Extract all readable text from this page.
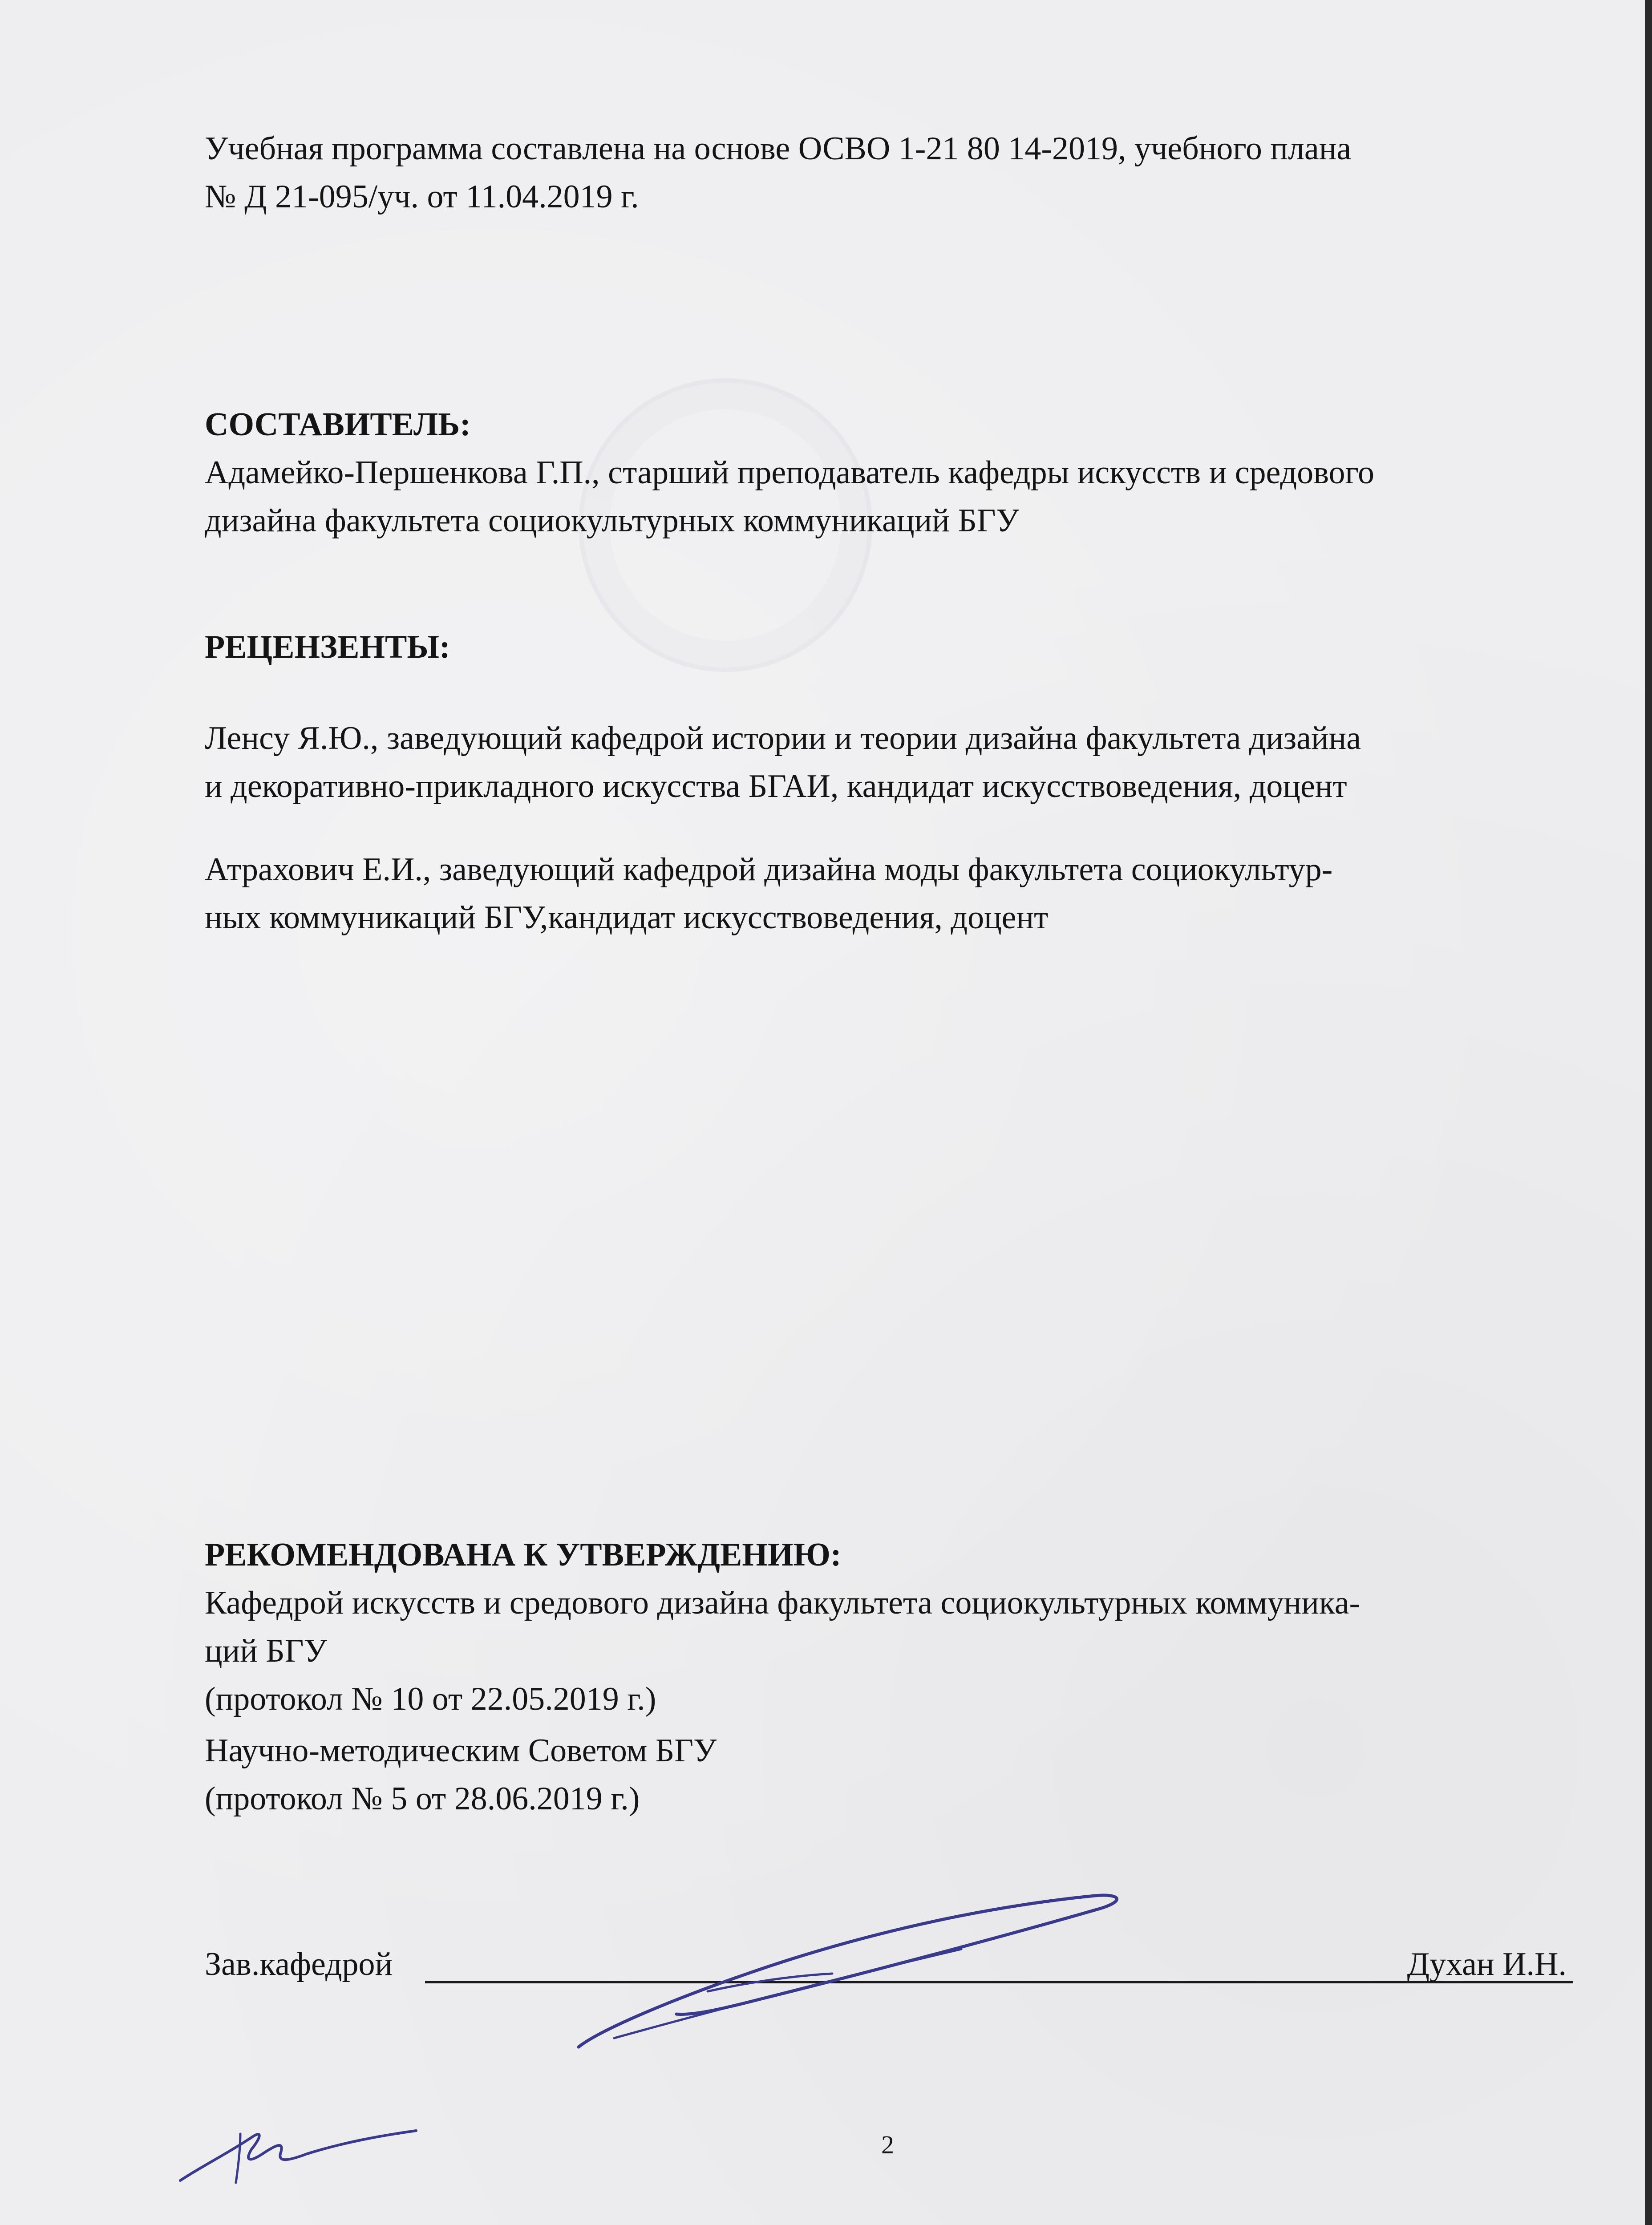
Учебная программа составлена на основе ОСВО 1-21 80 14-2019, учебного плана
№ Д 21-095/уч. от 11.04.2019 г.

СОСТАВИТЕЛЬ:

Адамейко-Першенкова Г.П., старший преподаватель кафедры искусств и средового
дизайна факультета социокультурных коммуникаций БГУ

РЕЦЕНЗЕНТЫ:

Ленсу Я.Ю., заведующий кафедрой истории и теории дизайна факультета дизайна
и декоративно-прикладного искусства БГАИ, кандидат искусствоведения, доцент
Атрахович Е.И., заведующий кафедрой дизайна моды факультета социокультур-
ных коммуникаций БГУ,кандидат искусствоведения, доцент

РЕКОМЕНДОВАНА К УТВЕРЖДЕНИЮ:

Кафедрой искусств и средового дизайна факультета социокультурных коммуника-
ций БГУ
(протокол № 10 от 22.05.2019 г.)
Научно-методическим Советом БГУ
(протокол № 5 от 28.06.2019 г.)
Зав.кафедрой	Духан И.Н.
2
